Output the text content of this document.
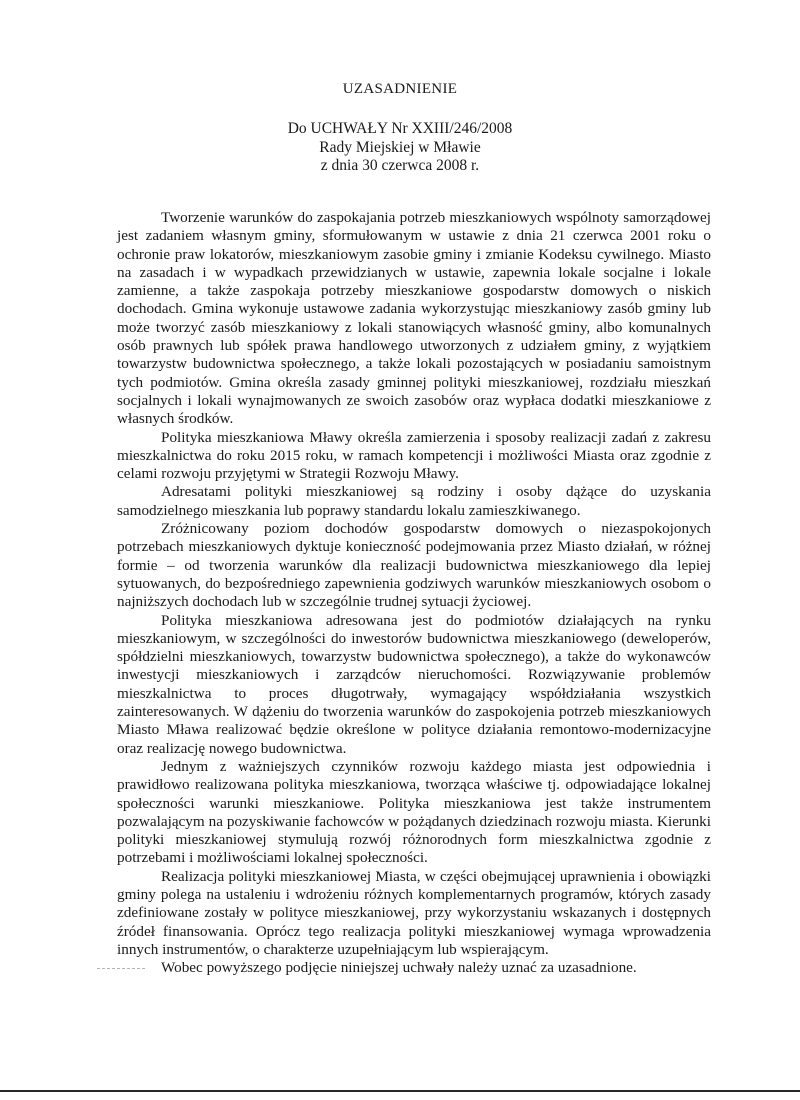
UZASADNIENIE
Do UCHWAŁY Nr XXIII/246/2008
Rady Miejskiej w Mławie
z dnia 30 czerwca 2008 r.

Tworzenie warunków do zaspokajania potrzeb mieszkaniowych wspólnoty samorządowej jest zadaniem własnym gminy, sformułowanym w ustawie z dnia 21 czerwca 2001 roku o ochronie praw lokatorów, mieszkaniowym zasobie gminy i zmianie Kodeksu cywilnego. Miasto na zasadach i w wypadkach przewidzianych w ustawie, zapewnia lokale socjalne i lokale zamienne, a także zaspokaja potrzeby mieszkaniowe gospodarstw domowych o niskich dochodach. Gmina wykonuje ustawowe zadania wykorzystując mieszkaniowy zasób gminy lub może tworzyć zasób mieszkaniowy z lokali stanowiących własność gminy, albo komunalnych osób prawnych lub spółek prawa handlowego utworzonych z udziałem gminy, z wyjątkiem towarzystw budownictwa społecznego, a także lokali pozostających w posiadaniu samoistnym tych podmiotów. Gmina określa zasady gminnej polityki mieszkaniowej, rozdziału mieszkań socjalnych i lokali wynajmowanych ze swoich zasobów oraz wypłaca dodatki mieszkaniowe z własnych środków.

Polityka mieszkaniowa Mławy określa zamierzenia i sposoby realizacji zadań z zakresu mieszkalnictwa do roku 2015 roku, w ramach kompetencji i możliwości Miasta oraz zgodnie z celami rozwoju przyjętymi w Strategii Rozwoju Mławy.

Adresatami polityki mieszkaniowej są rodziny i osoby dążące do uzyskania samodzielnego mieszkania lub poprawy standardu lokalu zamieszkiwanego.

Zróżnicowany poziom dochodów gospodarstw domowych o niezaspokojonych potrzebach mieszkaniowych dyktuje konieczność podejmowania przez Miasto działań, w różnej formie – od tworzenia warunków dla realizacji budownictwa mieszkaniowego dla lepiej sytuowanych, do bezpośredniego zapewnienia godziwych warunków mieszkaniowych osobom o najniższych dochodach lub w szczególnie trudnej sytuacji życiowej.

Polityka mieszkaniowa adresowana jest do podmiotów działających na rynku mieszkaniowym, w szczególności do inwestorów budownictwa mieszkaniowego (deweloperów, spółdzielni mieszkaniowych, towarzystw budownictwa społecznego), a także do wykonawców inwestycji mieszkaniowych i zarządców nieruchomości. Rozwiązywanie problemów mieszkalnictwa to proces długotrwały, wymagający współdziałania wszystkich zainteresowanych. W dążeniu do tworzenia warunków do zaspokojenia potrzeb mieszkaniowych Miasto Mława realizować będzie określone w polityce działania remontowo-modernizacyjne oraz realizację nowego budownictwa.

Jednym z ważniejszych czynników rozwoju każdego miasta jest odpowiednia i prawidłowo realizowana polityka mieszkaniowa, tworząca właściwe tj. odpowiadające lokalnej społeczności warunki mieszkaniowe. Polityka mieszkaniowa jest także instrumentem pozwalającym na pozyskiwanie fachowców w pożądanych dziedzinach rozwoju miasta. Kierunki polityki mieszkaniowej stymulują rozwój różnorodnych form mieszkalnictwa zgodnie z potrzebami i możliwościami lokalnej społeczności.

Realizacja polityki mieszkaniowej Miasta, w części obejmującej uprawnienia i obowiązki gminy polega na ustaleniu i wdrożeniu różnych komplementarnych programów, których zasady zdefiniowane zostały w polityce mieszkaniowej, przy wykorzystaniu wskazanych i dostępnych źródeł finansowania. Oprócz tego realizacja polityki mieszkaniowej wymaga wprowadzenia innych instrumentów, o charakterze uzupełniającym lub wspierającym.

Wobec powyższego podjęcie niniejszej uchwały należy uznać za uzasadnione.
